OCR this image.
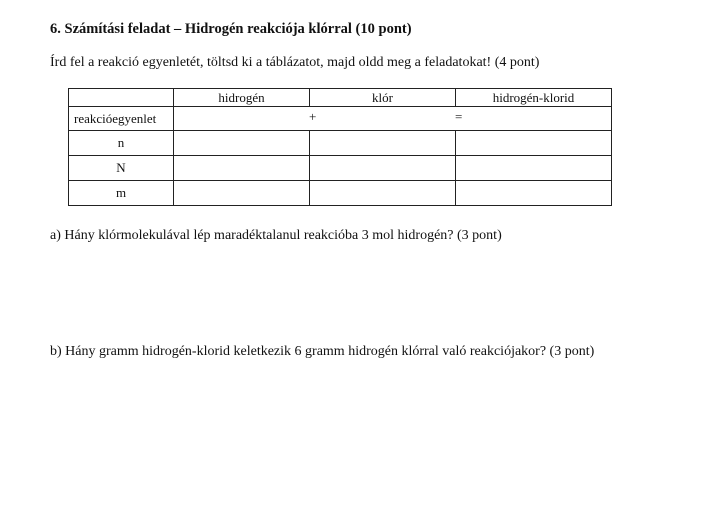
6. Számítási feladat – Hidrogén reakciója klórral (10 pont)
Írd fel a reakció egyenletét, töltsd ki a táblázatot, majd oldd meg a feladatokat! (4 pont)
	hidrogén	klór	hidrogén-klorid
reakcióegyenlet	+ =		

n			
N			
m			
a) Hány klórmolekulával lép maradéktalanul reakcióba 3 mol hidrogén? (3 pont)
b) Hány gramm hidrogén-klorid keletkezik 6 gramm hidrogén klórral való reakciójakor? (3 pont)
